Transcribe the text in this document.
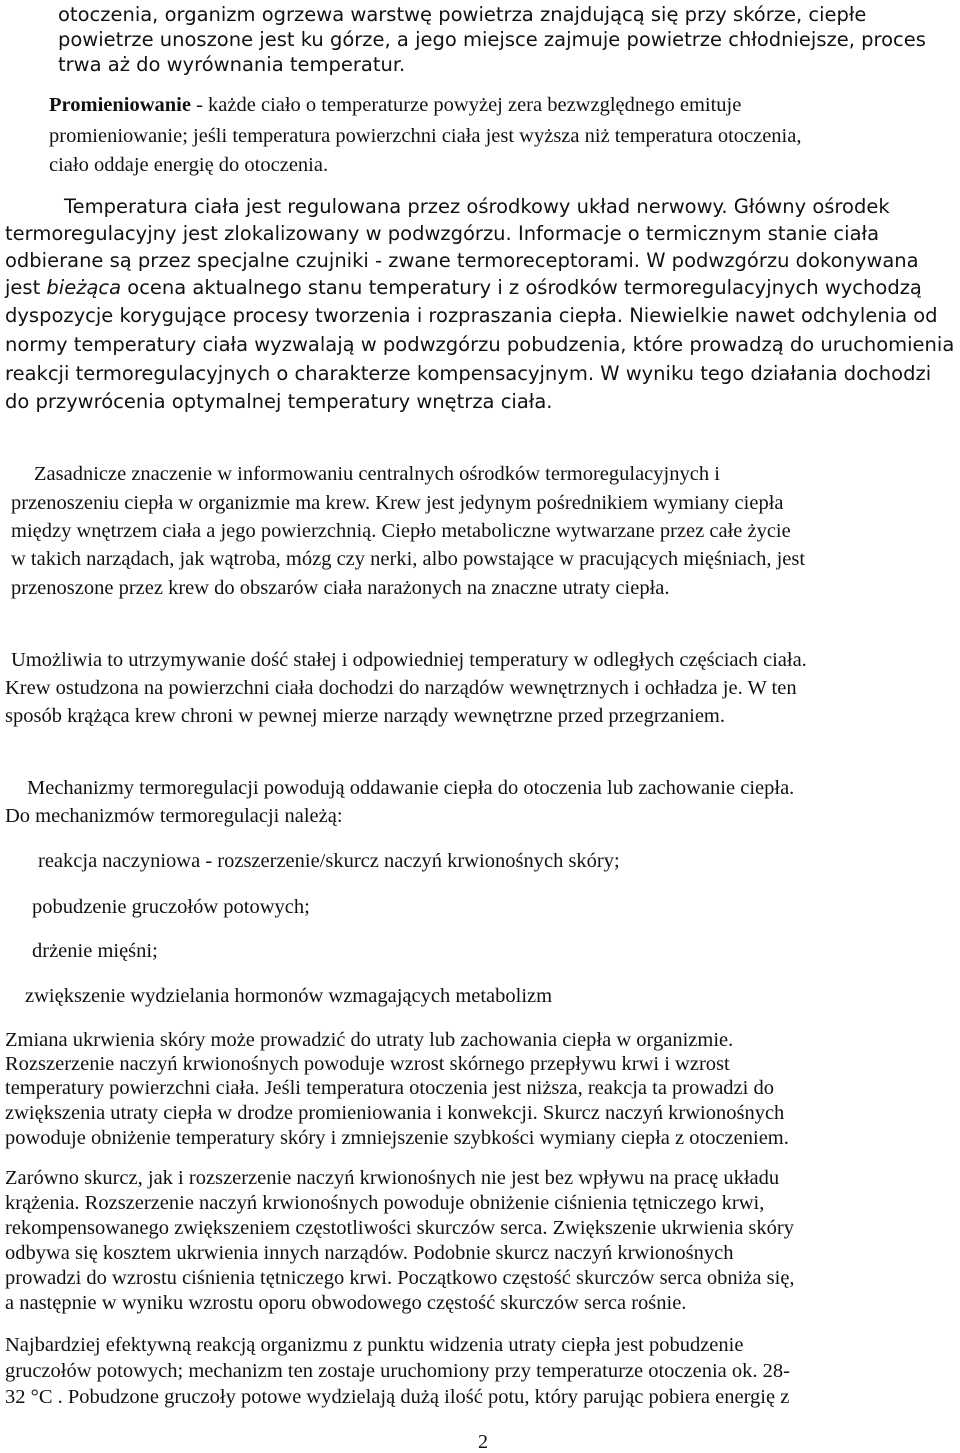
otoczenia, organizm ogrzewa warstwę powietrza znajdującą się przy skórze, ciepłe
powietrze unoszone jest ku górze, a jego miejsce zajmuje powietrze chłodniejsze, proces
trwa aż do wyrównania temperatur.
Promieniowanie - każde ciało o temperaturze powyżej zera bezwzględnego emituje
promieniowanie; jeśli temperatura powierzchni ciała jest wyższa niż temperatura otoczenia,
ciało oddaje energię do otoczenia.
Temperatura ciała jest regulowana przez ośrodkowy układ nerwowy. Główny ośrodek
termoregulacyjny jest zlokalizowany w podwzgórzu. Informacje o termicznym stanie ciała
odbierane są przez specjalne czujniki - zwane termoreceptorami. W podwzgórzu dokonywana
jest bieżąca ocena aktualnego stanu temperatury i z ośrodków termoregulacyjnych wychodzą
dyspozycje korygujące procesy tworzenia i rozpraszania ciepła. Niewielkie nawet odchylenia od
normy temperatury ciała wyzwalają w podwzgórzu pobudzenia, które prowadzą do uruchomienia
reakcji termoregulacyjnych o charakterze kompensacyjnym. W wyniku tego działania dochodzi
do przywrócenia optymalnej temperatury wnętrza ciała.
Zasadnicze znaczenie w informowaniu centralnych ośrodków termoregulacyjnych i
przenoszeniu ciepła w organizmie ma krew. Krew jest jedynym pośrednikiem wymiany ciepła
między wnętrzem ciała a jego powierzchnią. Ciepło metaboliczne wytwarzane przez całe życie
w takich narządach, jak wątroba, mózg czy nerki, albo powstające w pracujących mięśniach, jest
przenoszone przez krew do obszarów ciała narażonych na znaczne utraty ciepła.
Umożliwia to utrzymywanie dość stałej i odpowiedniej temperatury w odległych częściach ciała.
Krew ostudzona na powierzchni ciała dochodzi do narządów wewnętrznych i ochładza je. W ten
sposób krążąca krew chroni w pewnej mierze narządy wewnętrzne przed przegrzaniem.
Mechanizmy termoregulacji powodują oddawanie ciepła do otoczenia lub zachowanie ciepła.
Do mechanizmów termoregulacji należą:
reakcja naczyniowa - rozszerzenie/skurcz naczyń krwionośnych skóry;
pobudzenie gruczołów potowych;
drżenie mięśni;
zwiększenie wydzielania hormonów wzmagających metabolizm
Zmiana ukrwienia skóry może prowadzić do utraty lub zachowania ciepła w organizmie.
Rozszerzenie naczyń krwionośnych powoduje wzrost skórnego przepływu krwi i wzrost
temperatury powierzchni ciała. Jeśli temperatura otoczenia jest niższa, reakcja ta prowadzi do
zwiększenia utraty ciepła w drodze promieniowania i konwekcji. Skurcz naczyń krwionośnych
powoduje obniżenie temperatury skóry i zmniejszenie szybkości wymiany ciepła z otoczeniem.
Zarówno skurcz, jak i rozszerzenie naczyń krwionośnych nie jest bez wpływu na pracę układu
krążenia. Rozszerzenie naczyń krwionośnych powoduje obniżenie ciśnienia tętniczego krwi,
rekompensowanego zwiększeniem częstotliwości skurczów serca. Zwiększenie ukrwienia skóry
odbywa się kosztem ukrwienia innych narządów. Podobnie skurcz naczyń krwionośnych
prowadzi do wzrostu ciśnienia tętniczego krwi. Początkowo częstość skurczów serca obniża się,
a następnie w wyniku wzrostu oporu obwodowego częstość skurczów serca rośnie.
Najbardziej efektywną reakcją organizmu z punktu widzenia utraty ciepła jest pobudzenie
gruczołów potowych; mechanizm ten zostaje uruchomiony przy temperaturze otoczenia ok. 28-
32 °C . Pobudzone gruczoły potowe wydzielają dużą ilość potu, który parując pobiera energię z
2
